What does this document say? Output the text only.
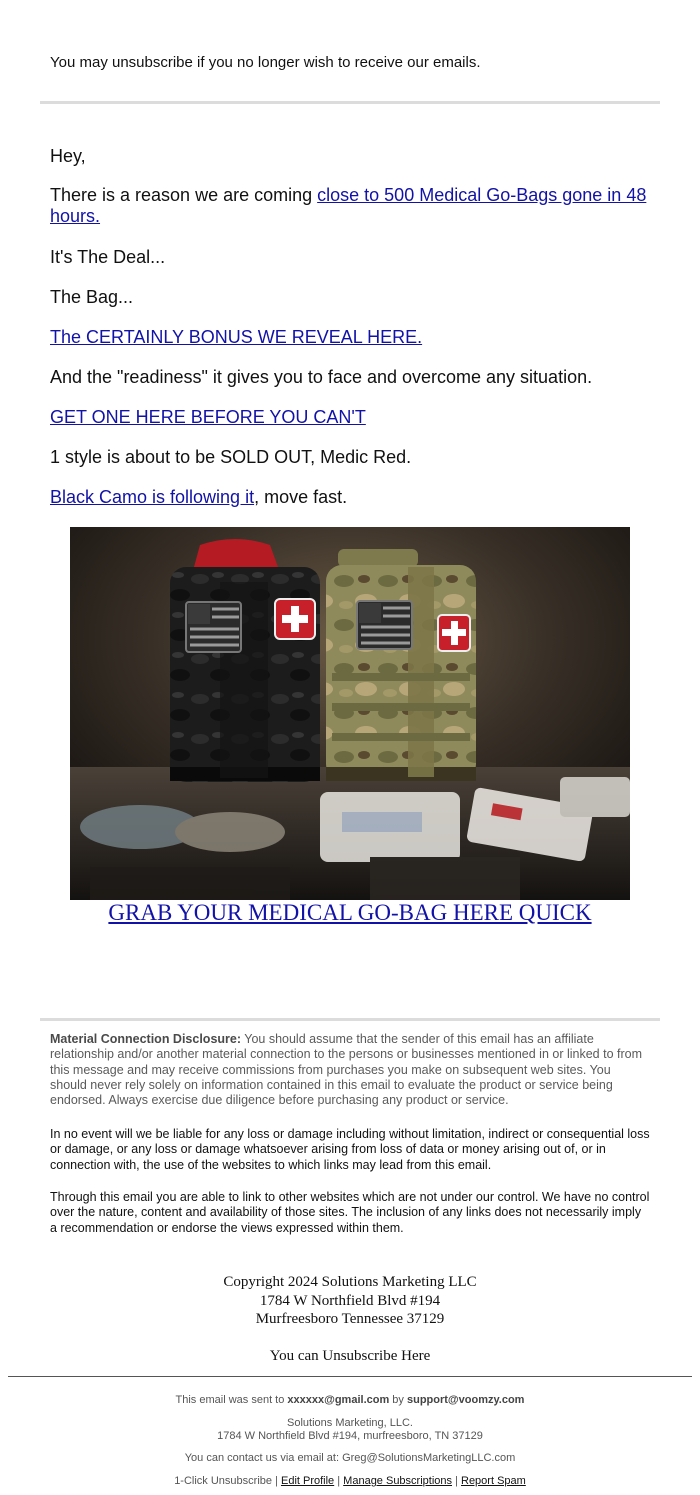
You may unsubscribe if you no longer wish to receive our emails.

Hey,

There is a reason we are coming close to 500 Medical Go-Bags gone in 48 hours.

It's The Deal...

The Bag...

The CERTAINLY BONUS WE REVEAL HERE.

And the "readiness" it gives you to face and overcome any situation.

GET ONE HERE BEFORE YOU CAN'T

1 style is about to be SOLD OUT, Medic Red.

Black Camo is following it, move fast.

GRAB YOUR MEDICAL GO-BAG HERE QUICK

Material Connection Disclosure: You should assume that the sender of this email has an affiliate relationship and/or another material connection to the persons or businesses mentioned in or linked to from this message and may receive commissions from purchases you make on subsequent web sites. You should never rely solely on information contained in this email to evaluate the product or service being endorsed. Always exercise due diligence before purchasing any product or service.

In no event will we be liable for any loss or damage including without limitation, indirect or consequential loss or damage, or any loss or damage whatsoever arising from loss of data or money arising out of, or in connection with, the use of the websites to which links may lead from this email.

Through this email you are able to link to other websites which are not under our control. We have no control over the nature, content and availability of those sites. The inclusion of any links does not necessarily imply a recommendation or endorse the views expressed within them.

Copyright 2024 Solutions Marketing LLC
1784 W Northfield Blvd #194
Murfreesboro Tennessee 37129
You can Unsubscribe Here
This email was sent to xxxxxx@gmail.com by support@voomzy.com
Solutions Marketing, LLC.
1784 W Northfield Blvd #194, murfreesboro, TN 37129
You can contact us via email at: Greg@SolutionsMarketingLLC.com
1-Click Unsubscribe | Edit Profile | Manage Subscriptions | Report Spam
